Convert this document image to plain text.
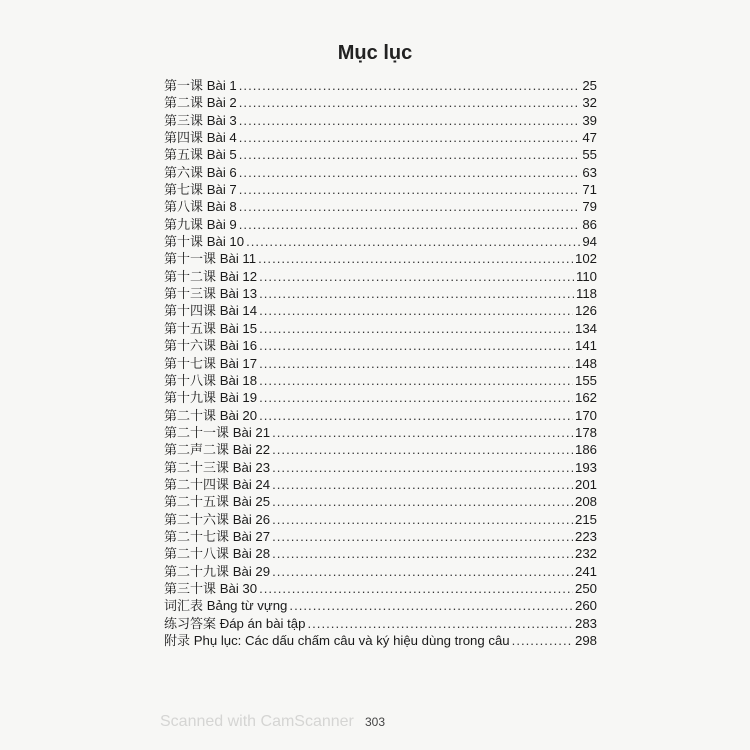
Mục lục
第一课 Bài 1 .....	25
第二课 Bài 2 .....	32
第三课 Bài 3 .....	39
第四课 Bài 4 .....	47
第五课 Bài 5 .....	55
第六课 Bài 6 .....	63
第七课 Bài 7 .....	71
第八课 Bài 8 .....	79
第九课 Bài 9 .....	86
第十课 Bài 10 .....	94
第十一课 Bài 11 .....	102
第十二课 Bài 12 .....	110
第十三课 Bài 13 .....	118
第十四课 Bài 14 .....	126
第十五课 Bài 15 .....	134
第十六课 Bài 16 .....	141
第十七课 Bài 17 .....	148
第十八课 Bài 18 .....	155
第十九课 Bài 19 .....	162
第二十课 Bài 20 .....	170
第二十一课 Bài 21 .....	178
第二声二课 Bài 22 .....	186
第二十三课 Bài 23 .....	193
第二十四课 Bài 24 .....	201
第二十五课 Bài 25 .....	208
第二十六课 Bài 26 .....	215
第二十七课 Bài 27 .....	223
第二十八课 Bài 28 .....	232
第二十九课 Bài 29 .....	241
第三十课 Bài 30 .....	250
词汇表 Bảng từ vựng .....	260
练习答案 Đáp án bài tập .....	283
附录 Phụ lục: Các dấu chấm câu và ký hiệu dùng trong câu .....	298
Scanned with CamScanner 303
